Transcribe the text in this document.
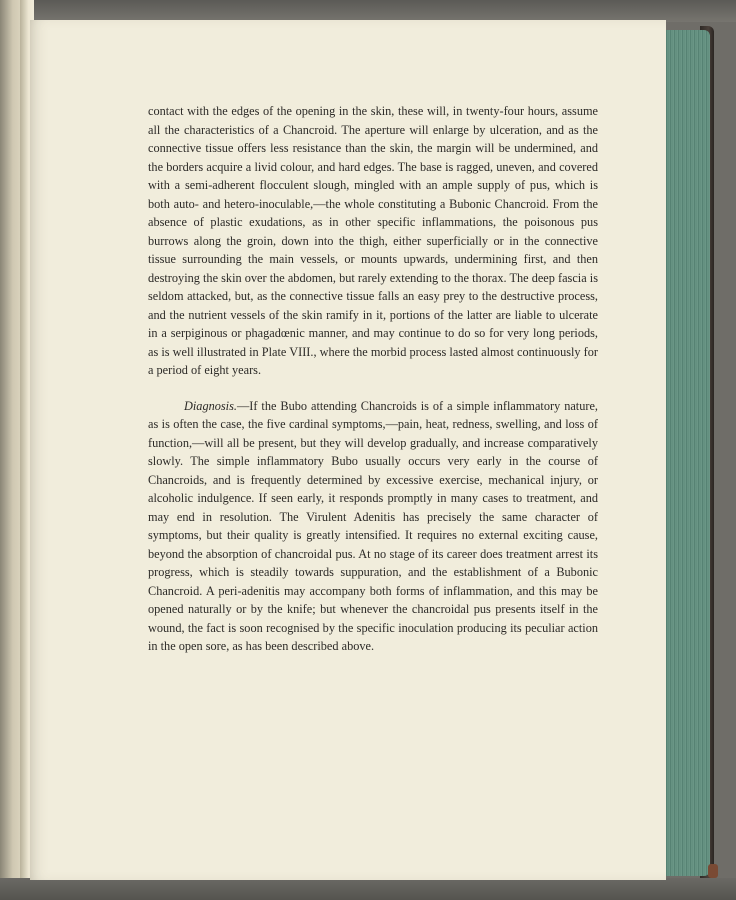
contact with the edges of the opening in the skin, these will, in twenty-four hours, assume all the characteristics of a Chancroid. The aperture will enlarge by ulceration, and as the connective tissue offers less resistance than the skin, the margin will be undermined, and the borders acquire a livid colour, and hard edges. The base is ragged, uneven, and covered with a semi-adherent flocculent slough, mingled with an ample supply of pus, which is both auto- and hetero-inoculable,—the whole constituting a Bubonic Chancroid. From the absence of plastic exudations, as in other specific inflammations, the poisonous pus burrows along the groin, down into the thigh, either superficially or in the connective tissue surrounding the main vessels, or mounts upwards, undermining first, and then destroying the skin over the abdomen, but rarely extending to the thorax. The deep fascia is seldom attacked, but, as the connective tissue falls an easy prey to the destructive process, and the nutrient vessels of the skin ramify in it, portions of the latter are liable to ulcerate in a serpiginous or phagadœnic manner, and may continue to do so for very long periods, as is well illustrated in Plate VIII., where the morbid process lasted almost continuously for a period of eight years.

Diagnosis.—If the Bubo attending Chancroids is of a simple inflammatory nature, as is often the case, the five cardinal symptoms,—pain, heat, redness, swelling, and loss of function,—will all be present, but they will develop gradually, and increase comparatively slowly. The simple inflammatory Bubo usually occurs very early in the course of Chancroids, and is frequently determined by excessive exercise, mechanical injury, or alcoholic indulgence. If seen early, it responds promptly in many cases to treatment, and may end in resolution. The Virulent Adenitis has precisely the same character of symptoms, but their quality is greatly intensified. It requires no external exciting cause, beyond the absorption of chancroidal pus. At no stage of its career does treatment arrest its progress, which is steadily towards suppuration, and the establishment of a Bubonic Chancroid. A peri-adenitis may accompany both forms of inflammation, and this may be opened naturally or by the knife; but whenever the chancroidal pus presents itself in the wound, the fact is soon recognised by the specific inoculation producing its peculiar action in the open sore, as has been described above.
